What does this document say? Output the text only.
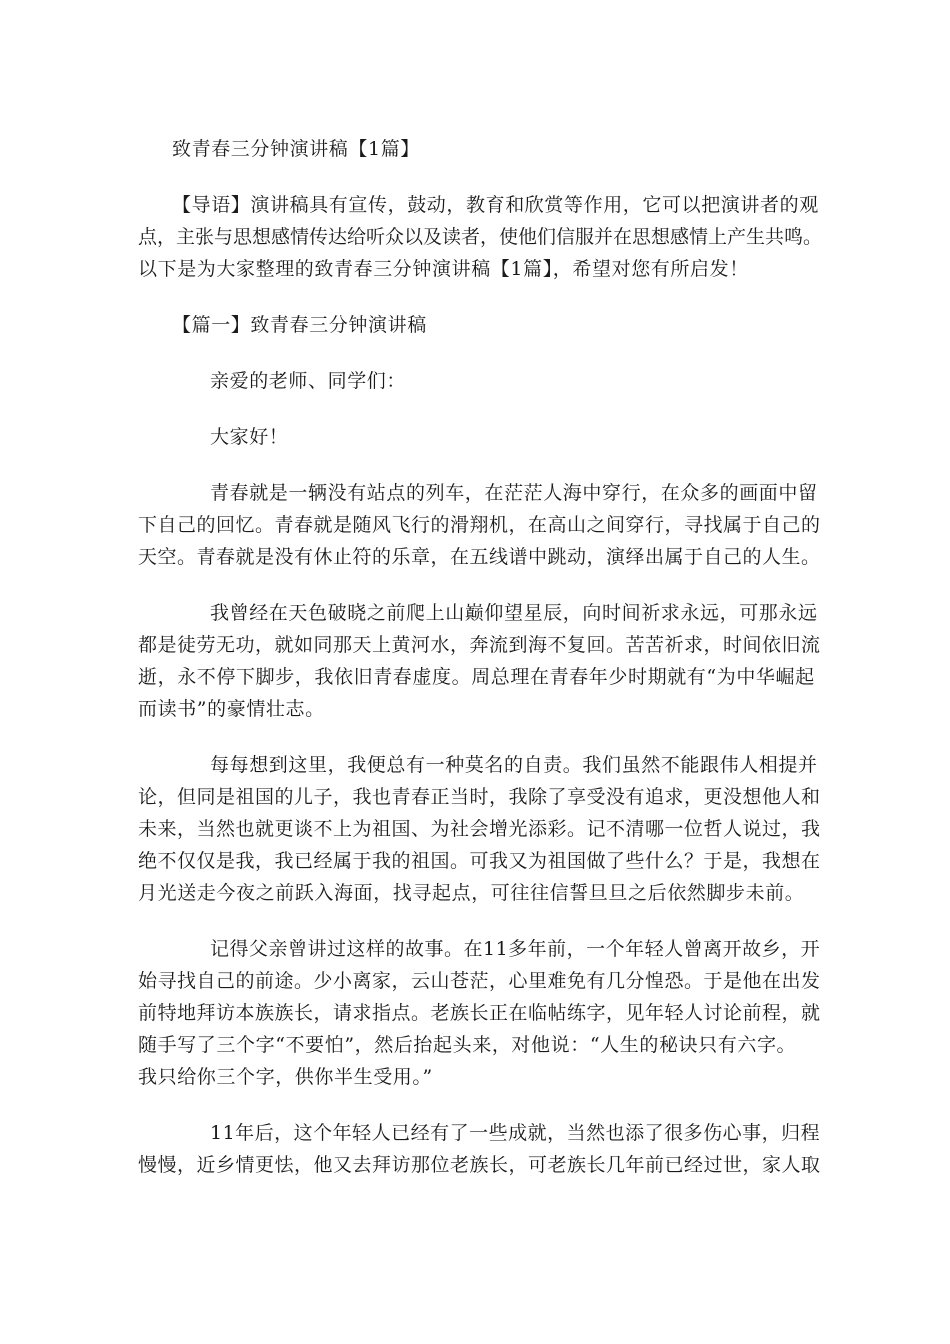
致青春三分钟演讲稿【1篇】
【导语】演讲稿具有宣传，鼓动，教育和欣赏等作用，它可以把演讲者的观
点，主张与思想感情传达给听众以及读者，使他们信服并在思想感情上产生共鸣。
以下是为大家整理的致青春三分钟演讲稿【1篇】，希望对您有所启发！
【篇一】致青春三分钟演讲稿
亲爱的老师、同学们：
大家好！
青春就是一辆没有站点的列车，在茫茫人海中穿行，在众多的画面中留
下自己的回忆。青春就是随风飞行的滑翔机，在高山之间穿行，寻找属于自己的
天空。青春就是没有休止符的乐章，在五线谱中跳动，演绎出属于自己的人生。
我曾经在天色破晓之前爬上山巅仰望星辰，向时间祈求永远，可那永远
都是徒劳无功，就如同那天上黄河水，奔流到海不复回。苦苦祈求，时间依旧流
逝，永不停下脚步，我依旧青春虚度。周总理在青春年少时期就有“为中华崛起
而读书”的豪情壮志。
每每想到这里，我便总有一种莫名的自责。我们虽然不能跟伟人相提并
论，但同是祖国的儿子，我也青春正当时，我除了享受没有追求，更没想他人和
未来，当然也就更谈不上为祖国、为社会增光添彩。记不清哪一位哲人说过，我
绝不仅仅是我，我已经属于我的祖国。可我又为祖国做了些什么？于是，我想在
月光送走今夜之前跃入海面，找寻起点，可往往信誓旦旦之后依然脚步未前。
记得父亲曾讲过这样的故事。在11多年前，一个年轻人曾离开故乡，开
始寻找自己的前途。少小离家，云山苍茫，心里难免有几分惶恐。于是他在出发
前特地拜访本族族长，请求指点。老族长正在临帖练字，见年轻人讨论前程，就
随手写了三个字“不要怕”，然后抬起头来，对他说：“人生的秘诀只有六字。
我只给你三个字，供你半生受用。”
11年后，这个年轻人已经有了一些成就，当然也添了很多伤心事，归程
慢慢，近乡情更怯，他又去拜访那位老族长，可老族长几年前已经过世，家人取
